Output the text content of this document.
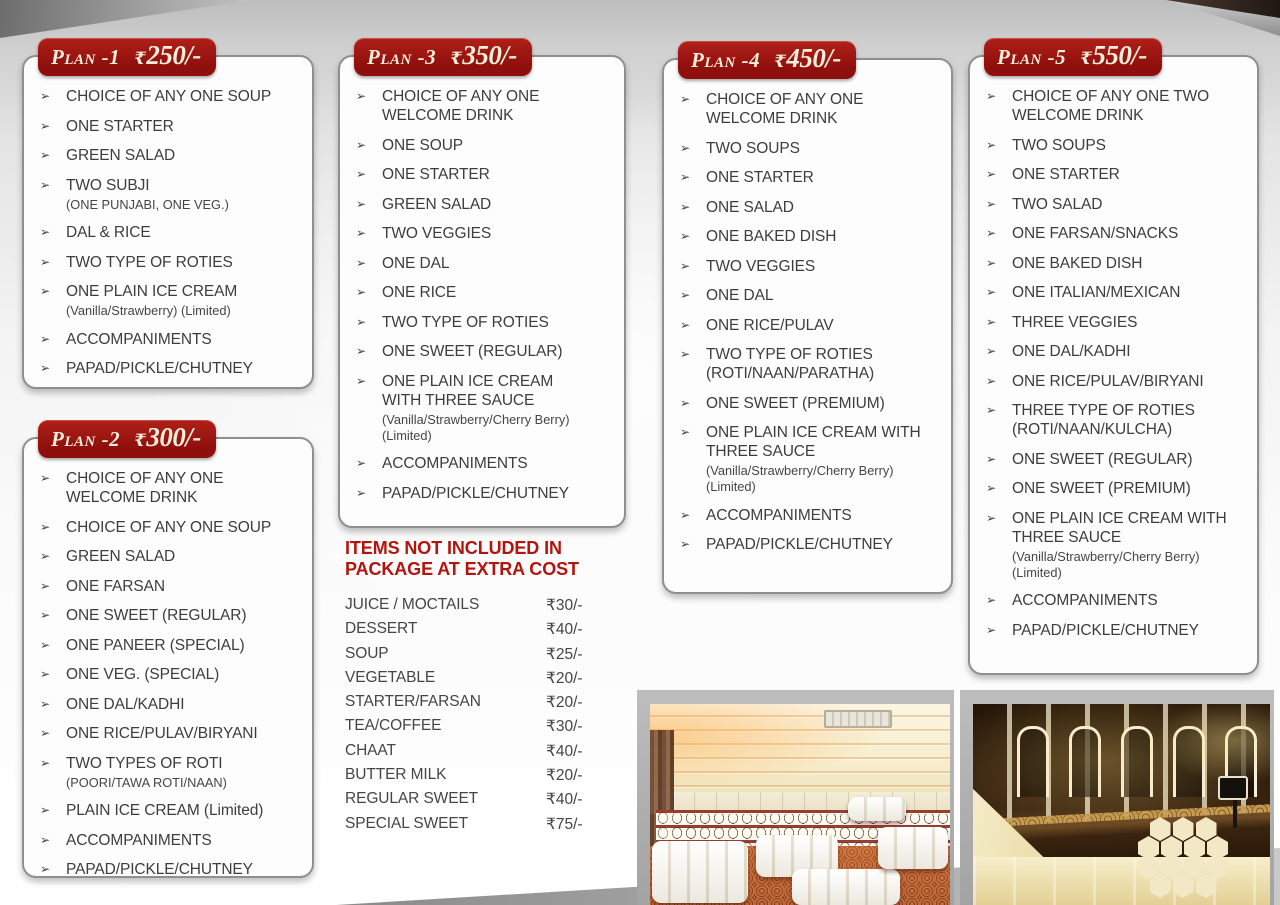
Plan -1 ₹250/-
➢	CHOICE OF ANY ONE SOUP
➢	ONE STARTER
➢	GREEN SALAD
➢	TWO SUBJI
(ONE PUNJABI, ONE VEG.)
➢	DAL & RICE
➢	TWO TYPE OF ROTIES
➢	ONE PLAIN ICE CREAM
(Vanilla/Strawberry) (Limited)
➢	ACCOMPANIMENTS
➢	PAPAD/PICKLE/CHUTNEY
Plan -2 ₹300/-
➢	CHOICE OF ANY ONE WELCOME DRINK
➢	CHOICE OF ANY ONE SOUP
➢	GREEN SALAD
➢	ONE FARSAN
➢	ONE SWEET (REGULAR)
➢	ONE PANEER (SPECIAL)
➢	ONE VEG. (SPECIAL)
➢	ONE DAL/KADHI
➢	ONE RICE/PULAV/BIRYANI
➢	TWO TYPES OF ROTI
(POORI/TAWA ROTI/NAAN)
➢	PLAIN ICE CREAM (Limited)
➢	ACCOMPANIMENTS
➢	PAPAD/PICKLE/CHUTNEY
Plan -3 ₹350/-
➢	CHOICE OF ANY ONE WELCOME DRINK
➢	ONE SOUP
➢	ONE STARTER
➢	GREEN SALAD
➢	TWO VEGGIES
➢	ONE DAL
➢	ONE RICE
➢	TWO TYPE OF ROTIES
➢	ONE SWEET (REGULAR)
➢	ONE PLAIN ICE CREAM WITH THREE SAUCE
(Vanilla/Strawberry/Cherry Berry) (Limited)
➢	ACCOMPANIMENTS
➢	PAPAD/PICKLE/CHUTNEY
Plan -4 ₹450/-
➢	CHOICE OF ANY ONE WELCOME DRINK
➢	TWO SOUPS
➢	ONE STARTER
➢	ONE SALAD
➢	ONE BAKED DISH
➢	TWO VEGGIES
➢	ONE DAL
➢	ONE RICE/PULAV
➢	TWO TYPE OF ROTIES (ROTI/NAAN/PARATHA)
➢	ONE SWEET (PREMIUM)
➢	ONE PLAIN ICE CREAM WITH THREE SAUCE
(Vanilla/Strawberry/Cherry Berry) (Limited)
➢	ACCOMPANIMENTS
➢	PAPAD/PICKLE/CHUTNEY
Plan -5 ₹550/-
➢	CHOICE OF ANY ONE TWO WELCOME DRINK
➢	TWO SOUPS
➢	ONE STARTER
➢	TWO SALAD
➢	ONE FARSAN/SNACKS
➢	ONE BAKED DISH
➢	ONE ITALIAN/MEXICAN
➢	THREE VEGGIES
➢	ONE DAL/KADHI
➢	ONE RICE/PULAV/BIRYANI
➢	THREE TYPE OF ROTIES (ROTI/NAAN/KULCHA)
➢	ONE SWEET (REGULAR)
➢	ONE SWEET (PREMIUM)
➢	ONE PLAIN ICE CREAM WITH THREE SAUCE
(Vanilla/Strawberry/Cherry Berry) (Limited)
➢	ACCOMPANIMENTS
➢	PAPAD/PICKLE/CHUTNEY
ITEMS NOT INCLUDED IN
PACKAGE AT EXTRA COST
JUICE / MOCTAILS	₹30/-
DESSERT	₹40/-
SOUP	₹25/-
VEGETABLE	₹20/-
STARTER/FARSAN	₹20/-
TEA/COFFEE	₹30/-
CHAAT	₹40/-
BUTTER MILK	₹20/-
REGULAR SWEET	₹40/-
SPECIAL SWEET	₹75/-
